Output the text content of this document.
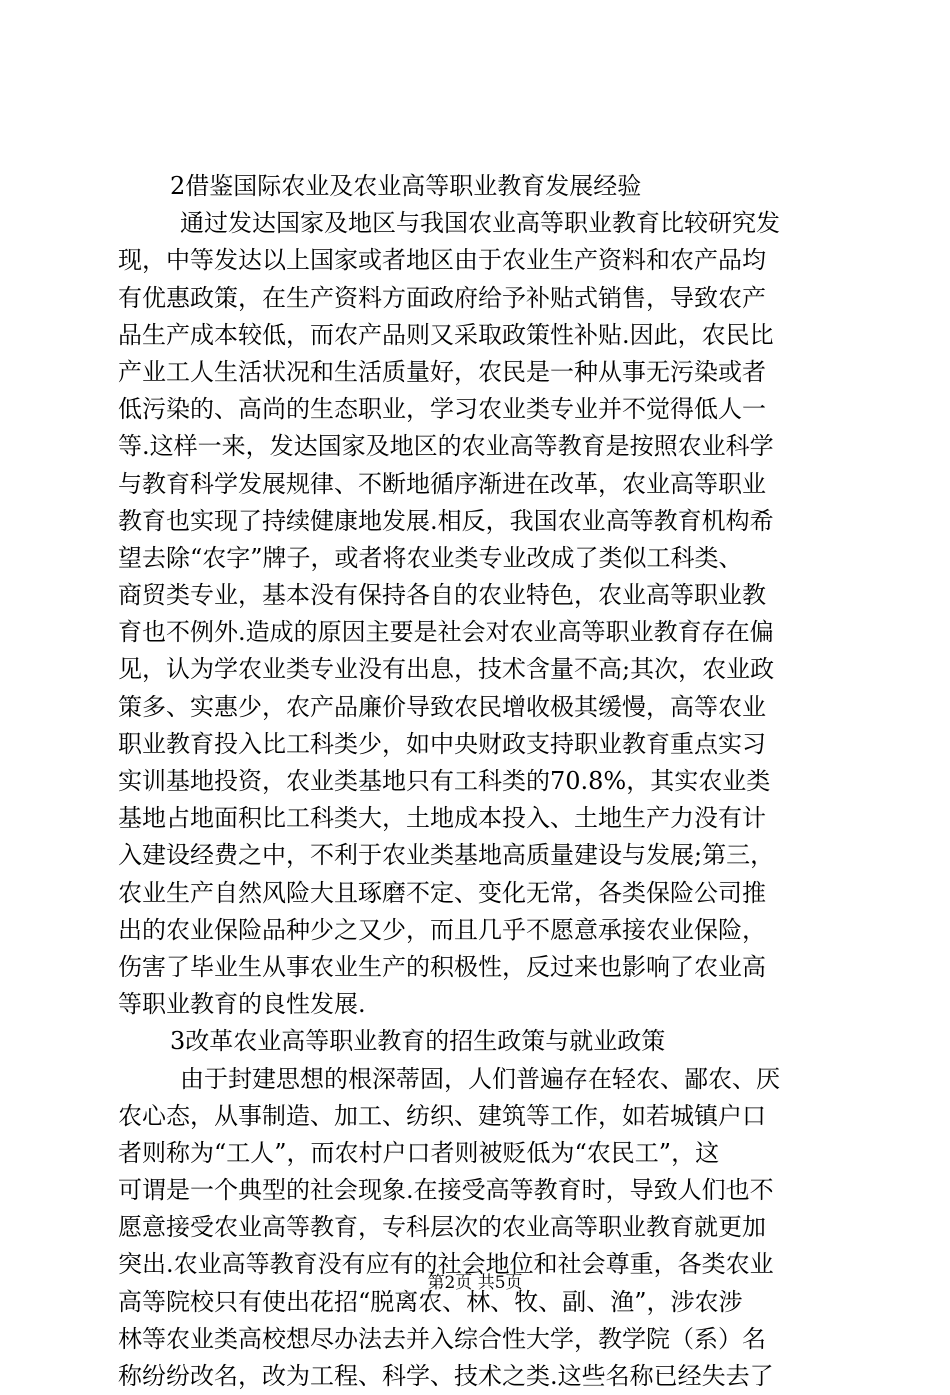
2借鉴国际农业及农业高等职业教育发展经验
通过发达国家及地区与我国农业高等职业教育比较研究发
现，中等发达以上国家或者地区由于农业生产资料和农产品均
有优惠政策，在生产资料方面政府给予补贴式销售，导致农产
品生产成本较低，而农产品则又采取政策性补贴.因此，农民比
产业工人生活状况和生活质量好，农民是一种从事无污染或者
低污染的、高尚的生态职业，学习农业类专业并不觉得低人一
等.这样一来，发达国家及地区的农业高等教育是按照农业科学
与教育科学发展规律、不断地循序渐进在改革，农业高等职业
教育也实现了持续健康地发展.相反，我国农业高等教育机构希
望去除“农字”牌子，或者将农业类专业改成了类似工科类、
商贸类专业，基本没有保持各自的农业特色，农业高等职业教
育也不例外.造成的原因主要是社会对农业高等职业教育存在偏
见，认为学农业类专业没有出息，技术含量不高;其次，农业政
策多、实惠少，农产品廉价导致农民增收极其缓慢，高等农业
职业教育投入比工科类少，如中央财政支持职业教育重点实习
实训基地投资，农业类基地只有工科类的70.8%，其实农业类
基地占地面积比工科类大，土地成本投入、土地生产力没有计
入建设经费之中，不利于农业类基地高质量建设与发展;第三，
农业生产自然风险大且琢磨不定、变化无常，各类保险公司推
出的农业保险品种少之又少，而且几乎不愿意承接农业保险，
伤害了毕业生从事农业生产的积极性，反过来也影响了农业高
等职业教育的良性发展.
3改革农业高等职业教育的招生政策与就业政策
由于封建思想的根深蒂固，人们普遍存在轻农、鄙农、厌
农心态，从事制造、加工、纺织、建筑等工作，如若城镇户口
者则称为“工人”，而农村户口者则被贬低为“农民工”，这
可谓是一个典型的社会现象.在接受高等教育时，导致人们也不
愿意接受农业高等教育，专科层次的农业高等职业教育就更加
突出.农业高等教育没有应有的社会地位和社会尊重，各类农业
高等院校只有使出花招“脱离农、林、牧、副、渔”，涉农涉
林等农业类高校想尽办法去并入综合性大学，教学院（系）名
称纷纷改名，改为工程、科学、技术之类.这些名称已经失去了
第2页 共5页
